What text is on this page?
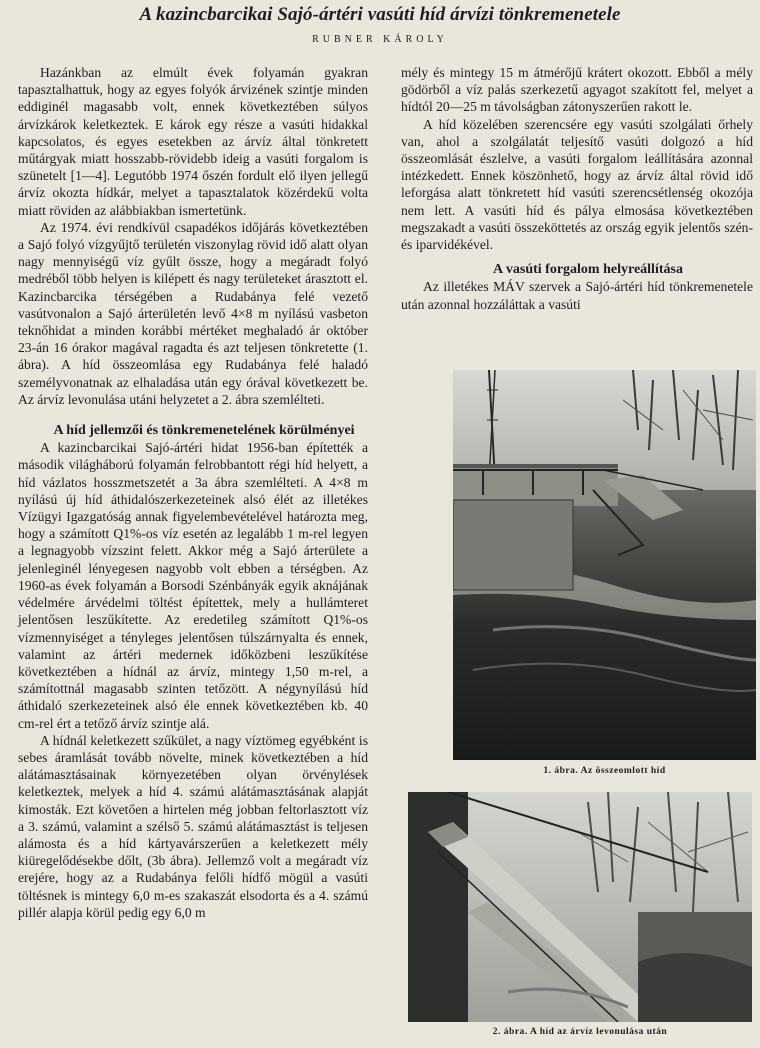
A kazincbarcikai Sajó-ártéri vasúti híd árvízi tönkremenetele
RUBNER KÁROLY

Hazánkban az elmúlt évek folyamán gyakran tapasztalhattuk, hogy az egyes folyók árvizének szintje minden eddiginél magasabb volt, ennek következtében súlyos árvízkárok keletkeztek. E károk egy része a vasúti hidakkal kapcsolatos, és egyes esetekben az árvíz által tönkretett műtárgyak miatt hosszabb-rövidebb ideig a vasúti forgalom is szünetelt [1—4]. Legutóbb 1974 őszén fordult elő ilyen jellegű árvíz okozta hídkár, melyet a tapasztalatok közérdekű volta miatt röviden az alábbiakban ismertetünk.

Az 1974. évi rendkívül csapadékos időjárás következtében a Sajó folyó vízgyűjtő területén viszonylag rövid idő alatt olyan nagy mennyiségű víz gyűlt össze, hogy a megáradt folyó medréből több helyen is kilépett és nagy területeket árasztott el. Kazincbarcika térségében a Rudabánya felé vezető vasútvonalon a Sajó árterületén levő 4×8 m nyílású vasbeton teknőhidat a minden korábbi mértéket meghaladó ár október 23-án 16 órakor magával ragadta és azt teljesen tönkretette (1. ábra). A híd összeomlása egy Rudabánya felé haladó személyvonatnak az elhaladása után egy órával következett be. Az árvíz levonulása utáni helyzetet a 2. ábra szemlélteti.

A híd jellemzői és tönkremenetelének körülményei

A kazincbarcikai Sajó-ártéri hidat 1956-ban építették a második világháború folyamán felrobbantott régi híd helyett, a híd vázlatos hosszmetszetét a 3a ábra szemlélteti. A 4×8 m nyílású új híd áthidalószerkezeteinek alsó élét az illetékes Vízügyi Igazgatóság annak figyelembevételével határozta meg, hogy a számított Q1%-os víz esetén az legalább 1 m-rel legyen a legnagyobb vízszint felett. Akkor még a Sajó árterülete a jelenleginél lényegesen nagyobb volt ebben a térségben. Az 1960-as évek folyamán a Borsodi Szénbányák egyik aknájának védelmére árvédelmi töltést építettek, mely a hullámteret jelentősen leszűkítette. Az eredetileg számított Q1%-os vízmennyiséget a tényleges jelentősen túlszárnyalta és ennek, valamint az ártéri medernek időközbeni leszűkítése következtében a hídnál az árvíz, mintegy 1,50 m-rel, a számítottnál magasabb szinten tetőzött. A négynyílású híd áthidaló szerkezeteinek alsó éle ennek következtében kb. 40 cm-rel ért a tetőző árvíz szintje alá.

A hídnál keletkezett szűkület, a nagy víztömeg egyébként is sebes áramlását tovább növelte, minek következtében a híd alátámasztásainak környezetében olyan örvénylések keletkeztek, melyek a híd 4. számú alátámasztásának alapját kimosták. Ezt követően a hirtelen még jobban feltorlasztott víz a 3. számú, valamint a szélső 5. számú alátámasztást is teljesen alámosta és a híd kártyavárszerűen a keletkezett mély kiüregelődésekbe dőlt, (3b ábra). Jellemző volt a megáradt víz erejére, hogy az a Rudabánya felőli hídfő mögül a vasúti töltésnek is mintegy 6,0 m-es szakaszát elsodorta és a 4. számú pillér alapja körül pedig egy 6,0 m

mély és mintegy 15 m átmérőjű krátert okozott. Ebből a mély gödörből a víz palás szerkezetű agyagot szakított fel, melyet a hídtól 20—25 m távolságban zátonyszerűen rakott le.

A híd közelében szerencsére egy vasúti szolgálati őrhely van, ahol a szolgálatát teljesítő vasúti dolgozó a híd összeomlását észlelve, a vasúti forgalom leállítására azonnal intézkedett. Ennek köszönhető, hogy az árvíz által rövid idő leforgása alatt tönkretett híd vasúti szerencsétlenség okozója nem lett. A vasúti híd és pálya elmosása következtében megszakadt a vasúti összeköttetés az ország egyik jelentős szén- és iparvidékével.

A vasúti forgalom helyreállítása

Az illetékes MÁV szervek a Sajó-ártéri híd tönkremenetele után azonnal hozzáláttak a vasúti

1. ábra. Az összeomlott híd
2. ábra. A híd az árvíz levonulása után
